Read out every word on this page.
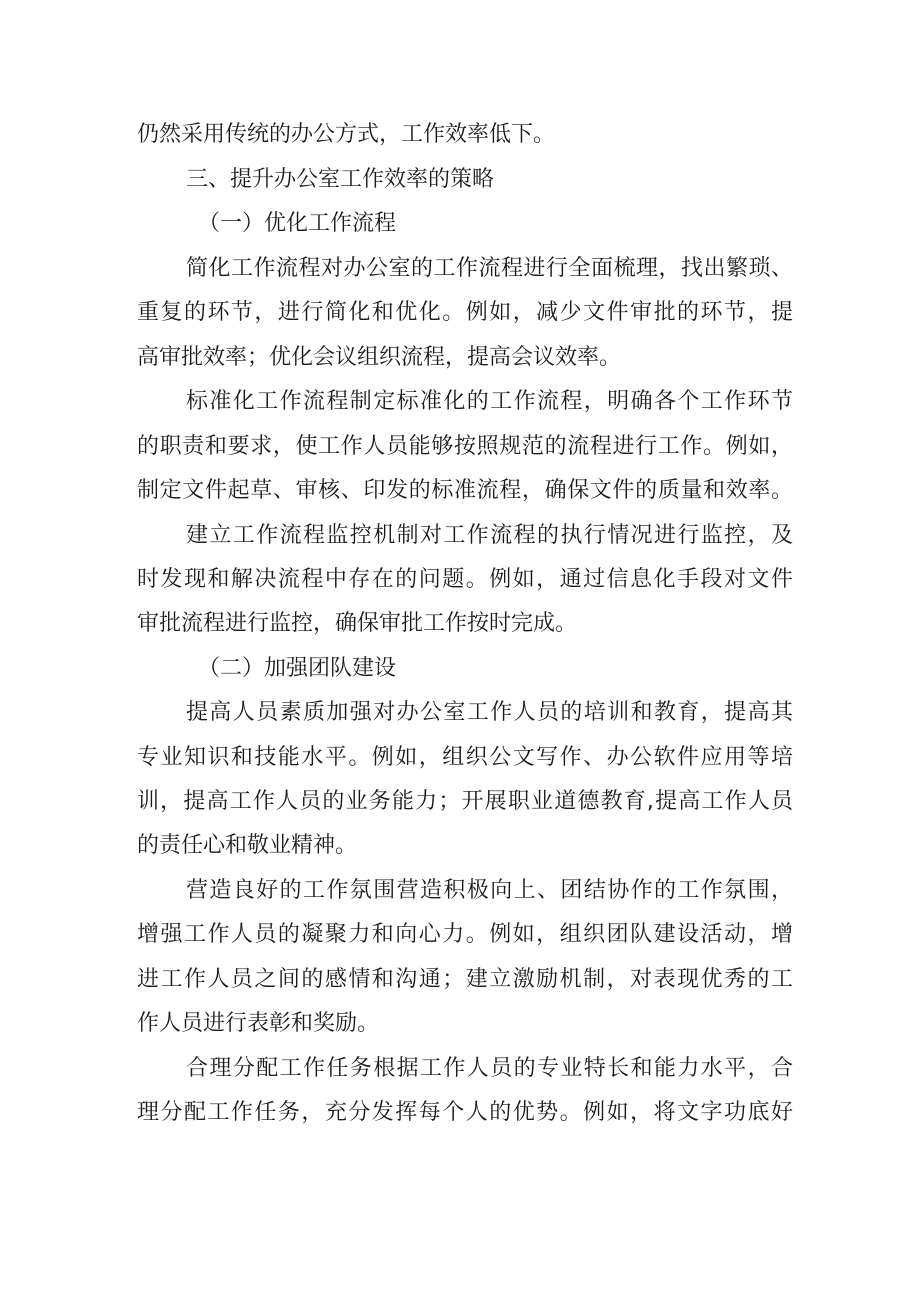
仍然采用传统的办公方式，工作效率低下。
三、提升办公室工作效率的策略
（一）优化工作流程
简化工作流程对办公室的工作流程进行全面梳理，找出繁琐、
重复的环节，进行简化和优化。例如，减少文件审批的环节，提
高审批效率；优化会议组织流程，提高会议效率。
标准化工作流程制定标准化的工作流程，明确各个工作环节
的职责和要求，使工作人员能够按照规范的流程进行工作。例如，
制定文件起草、审核、印发的标准流程，确保文件的质量和效率。
建立工作流程监控机制对工作流程的执行情况进行监控，及
时发现和解决流程中存在的问题。例如，通过信息化手段对文件
审批流程进行监控，确保审批工作按时完成。
（二）加强团队建设
提高人员素质加强对办公室工作人员的培训和教育，提高其
专业知识和技能水平。例如，组织公文写作、办公软件应用等培
训，提高工作人员的业务能力；开展职业道德教育,提高工作人员
的责任心和敬业精神。
营造良好的工作氛围营造积极向上、团结协作的工作氛围，
增强工作人员的凝聚力和向心力。例如，组织团队建设活动，增
进工作人员之间的感情和沟通；建立激励机制，对表现优秀的工
作人员进行表彰和奖励。
合理分配工作任务根据工作人员的专业特长和能力水平，合
理分配工作任务，充分发挥每个人的优势。例如，将文字功底好
